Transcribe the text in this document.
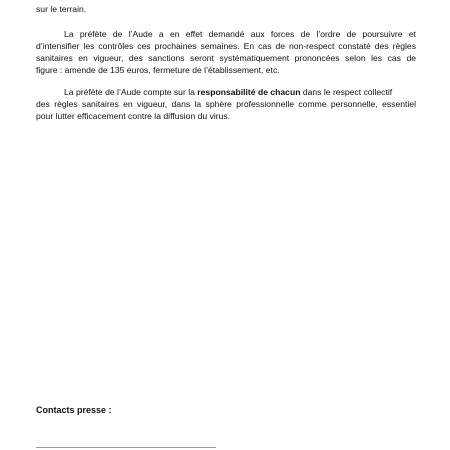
sur le terrain.

La préfète de l’Aude a en effet demandé aux forces de l’ordre de poursuivre et

d’intensifier les contrôles ces prochaines semaines. En cas de non-respect constaté des règles

sanitaires en vigueur, des sanctions seront systématiquement prononcées selon les cas de

figure : amende de 135 euros, fermeture de l’établissement, etc.

La préfète de l’Aude compte sur la responsabilité de chacun dans le respect collectif

des règles sanitaires en vigueur, dans la sphère professionnelle comme personnelle, essentiel

pour lutter efficacement contre la diffusion du virus.

Contacts presse :
